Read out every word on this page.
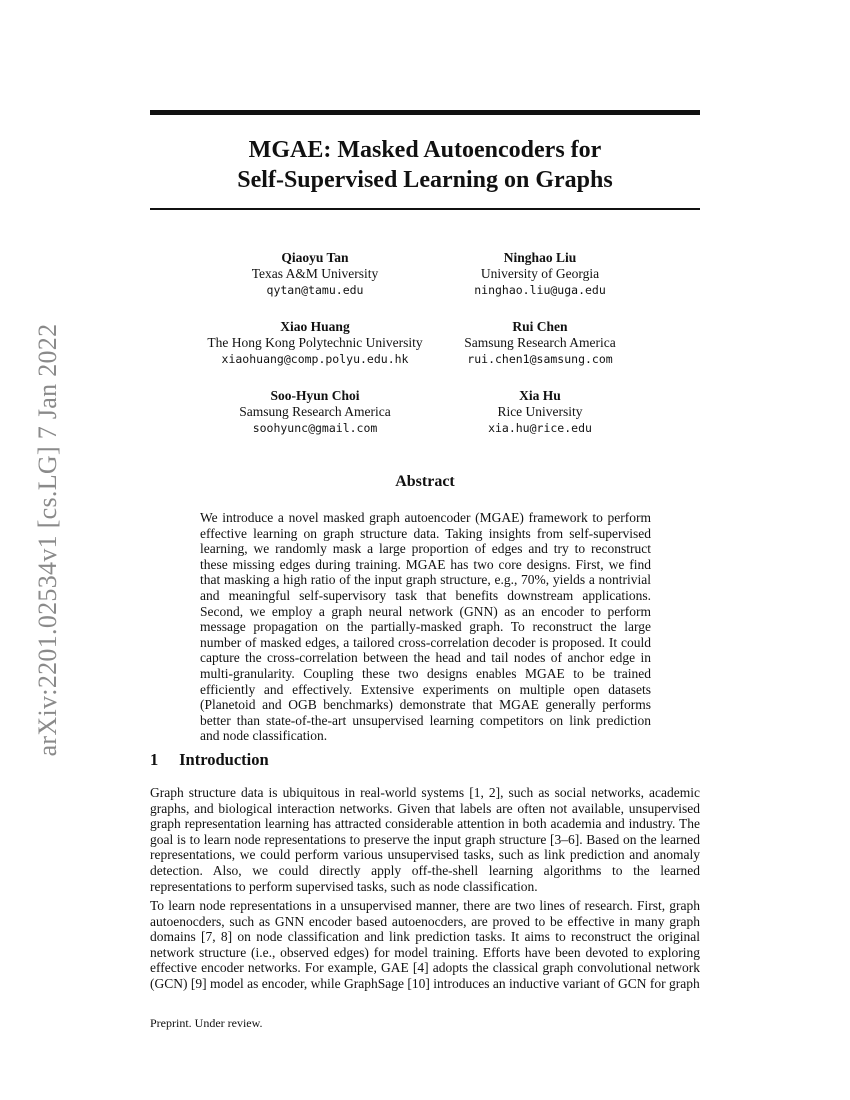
arXiv:2201.02534v1 [cs.LG] 7 Jan 2022
MGAE: Masked Autoencoders for
Self-Supervised Learning on Graphs
Qiaoyu Tan
Texas A&M University
qytan@tamu.edu
Ninghao Liu
University of Georgia
ninghao.liu@uga.edu
Xiao Huang
The Hong Kong Polytechnic University
xiaohuang@comp.polyu.edu.hk
Rui Chen
Samsung Research America
rui.chen1@samsung.com
Soo-Hyun Choi
Samsung Research America
soohyunc@gmail.com
Xia Hu
Rice University
xia.hu@rice.edu
Abstract
We introduce a novel masked graph autoencoder (MGAE) framework to perform effective learning on graph structure data. Taking insights from self-supervised learning, we randomly mask a large proportion of edges and try to reconstruct these missing edges during training. MGAE has two core designs. First, we find that masking a high ratio of the input graph structure, e.g., 70%, yields a nontrivial and meaningful self-supervisory task that benefits downstream applications. Second, we employ a graph neural network (GNN) as an encoder to perform message propagation on the partially-masked graph. To reconstruct the large number of masked edges, a tailored cross-correlation decoder is proposed. It could capture the cross-correlation between the head and tail nodes of anchor edge in multi-granularity. Coupling these two designs enables MGAE to be trained efficiently and effectively. Extensive experiments on multiple open datasets (Planetoid and OGB benchmarks) demonstrate that MGAE generally performs better than state-of-the-art unsupervised learning competitors on link prediction and node classification.
1 Introduction
Graph structure data is ubiquitous in real-world systems [1, 2], such as social networks, academic graphs, and biological interaction networks. Given that labels are often not available, unsupervised graph representation learning has attracted considerable attention in both academia and industry. The goal is to learn node representations to preserve the input graph structure [3–6]. Based on the learned representations, we could perform various unsupervised tasks, such as link prediction and anomaly detection. Also, we could directly apply off-the-shell learning algorithms to the learned representations to perform supervised tasks, such as node classification.
To learn node representations in a unsupervised manner, there are two lines of research. First, graph autoenocders, such as GNN encoder based autoenocders, are proved to be effective in many graph domains [7, 8] on node classification and link prediction tasks. It aims to reconstruct the original network structure (i.e., observed edges) for model training. Efforts have been devoted to exploring effective encoder networks. For example, GAE [4] adopts the classical graph convolutional network (GCN) [9] model as encoder, while GraphSage [10] introduces an inductive variant of GCN for graph
Preprint. Under review.
